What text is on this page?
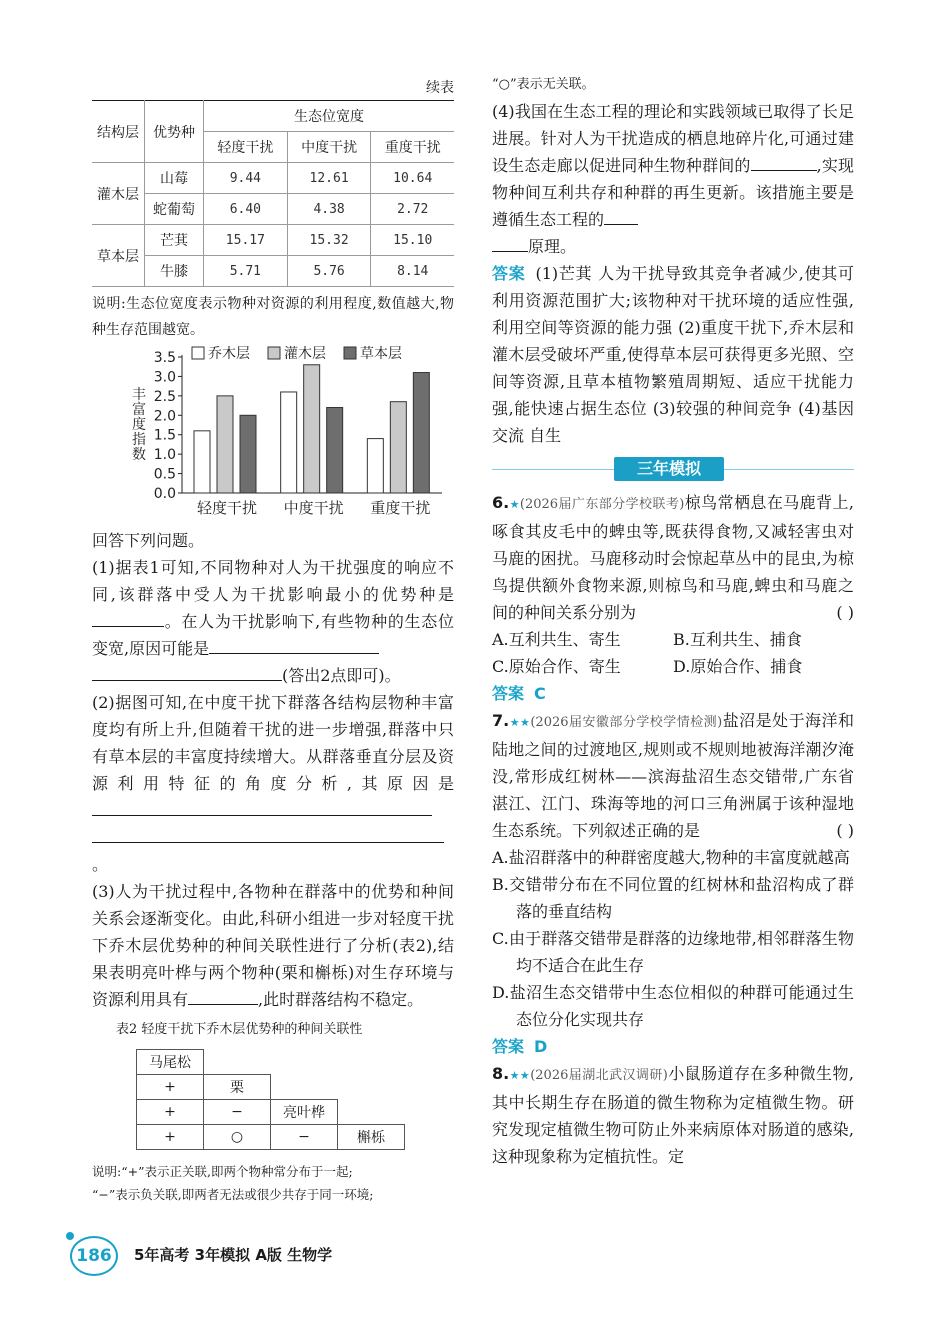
续表

结构层	优势种	生态位宽度		
		轻度干扰	中度干扰	重度干扰
灌木层	山莓	9.44	12.61	10.64
	蛇葡萄	6.40	4.38	2.72
草本层	芒萁	15.17	15.32	15.10
	牛膝	5.71	5.76	8.14

说明:生态位宽度表示物种对资源的利用程度,数值越大,物种生存范围越宽。

0.0
0.5
1.0
1.5
2.0
2.5
3.0
3.5
丰富度指数
轻度干扰 中度干扰 重度干扰
乔木层 灌木层 草本层

回答下列问题。

(1)据表1可知,不同物种对人为干扰强度的响应不同,该群落中受人为干扰影响最小的优势种是。在人为干扰影响下,有些物种的生态位变宽,原因可能是
(答出2点即可)。

(2)据图可知,在中度干扰下群落各结构层物种丰富度均有所上升,但随着干扰的进一步增强,群落中只有草本层的丰富度持续增大。从群落垂直分层及资源利用特征的角度分析,其原因是
。

(3)人为干扰过程中,各物种在群落中的优势和种间关系会逐渐变化。由此,科研小组进一步对轻度干扰下乔木层优势种的种间关联性进行了分析(表2),结果表明亮叶桦与两个物种(栗和槲栎)对生存环境与资源利用具有	,此时群落结构不稳定。

表2 轻度干扰下乔木层优势种的种间关联性

马尾松			
+	栗		
+	−	亮叶桦	
+	○	−	槲栎

说明:“+”表示正关联,即两个物种常分布于一起;

“−”表示负关联,即两者无法或很少共存于同一环境;

“○”表示无关联。

(4)我国在生态工程的理论和实践领域已取得了长足进展。针对人为干扰造成的栖息地碎片化,可通过建设生态走廊以促进同种生物种群间的	,实现物种间互利共存和种群的再生更新。该措施主要是遵循生态工程的
原理。

答案 (1)芒萁 人为干扰导致其竞争者减少,使其可利用资源范围扩大;该物种对干扰环境的适应性强,利用空间等资源的能力强 (2)重度干扰下,乔木层和灌木层受破坏严重,使得草本层可获得更多光照、空间等资源,且草本植物繁殖周期短、适应干扰能力强,能快速占据生态位 (3)较强的种间竞争 (4)基因交流 自生

三年模拟

6.★(2026届广东部分学校联考)椋鸟常栖息在马鹿背上,啄食其皮毛中的蜱虫等,既获得食物,又减轻害虫对马鹿的困扰。马鹿移动时会惊起草丛中的昆虫,为椋鸟提供额外食物来源,则椋鸟和马鹿,蜱虫和马鹿之间的种间关系分别为	( )

A.互利共生、寄生	B.互利共生、捕食
C.原始合作、寄生	D.原始合作、捕食

答案 C

7.★★(2026届安徽部分学校学情检测)盐沼是处于海洋和陆地之间的过渡地区,规则或不规则地被海洋潮汐淹没,常形成红树林——滨海盐沼生态交错带,广东省湛江、江门、珠海等地的河口三角洲属于该种湿地生态系统。下列叙述正确的是	( )

A.盐沼群落中的种群密度越大,物种的丰富度就越高

B.交错带分布在不同位置的红树林和盐沼构成了群落的垂直结构

C.由于群落交错带是群落的边缘地带,相邻群落生物均不适合在此生存

D.盐沼生态交错带中生态位相似的种群可能通过生态位分化实现共存

答案 D

8.★★(2026届湖北武汉调研)小鼠肠道存在多种微生物,其中长期生存在肠道的微生物称为定植微生物。研究发现定植微生物可防止外来病原体对肠道的感染,这种现象称为定植抗性。定

186	5年高考 3年模拟 A版 生物学
